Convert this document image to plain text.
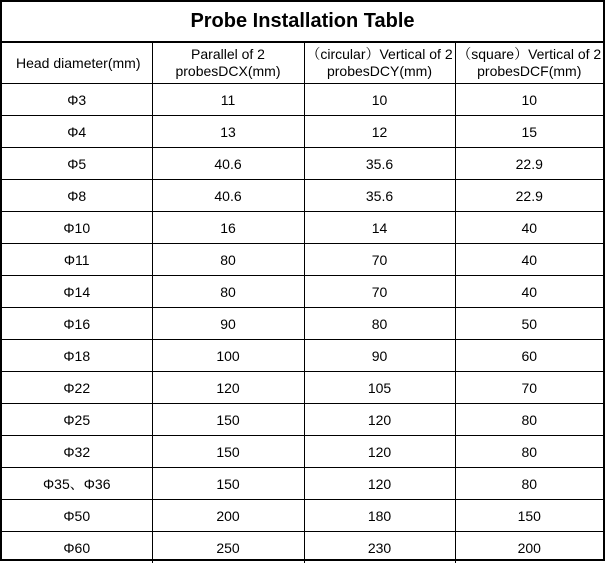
Probe Installation Table
Head diameter(mm)	Parallel of 2 probesDCX(mm)	（circular）Vertical of 2 probesDCY(mm)	（square）Vertical of 2 probesDCF(mm)
Φ3	11	10	10
Φ4	13	12	15
Φ5	40.6	35.6	22.9
Φ8	40.6	35.6	22.9
Φ10	16	14	40
Φ11	80	70	40
Φ14	80	70	40
Φ16	90	80	50
Φ18	100	90	60
Φ22	120	105	70
Φ25	150	120	80
Φ32	150	120	80
Φ35、Φ36	150	120	80
Φ50	200	180	150
Φ60	250	230	200
